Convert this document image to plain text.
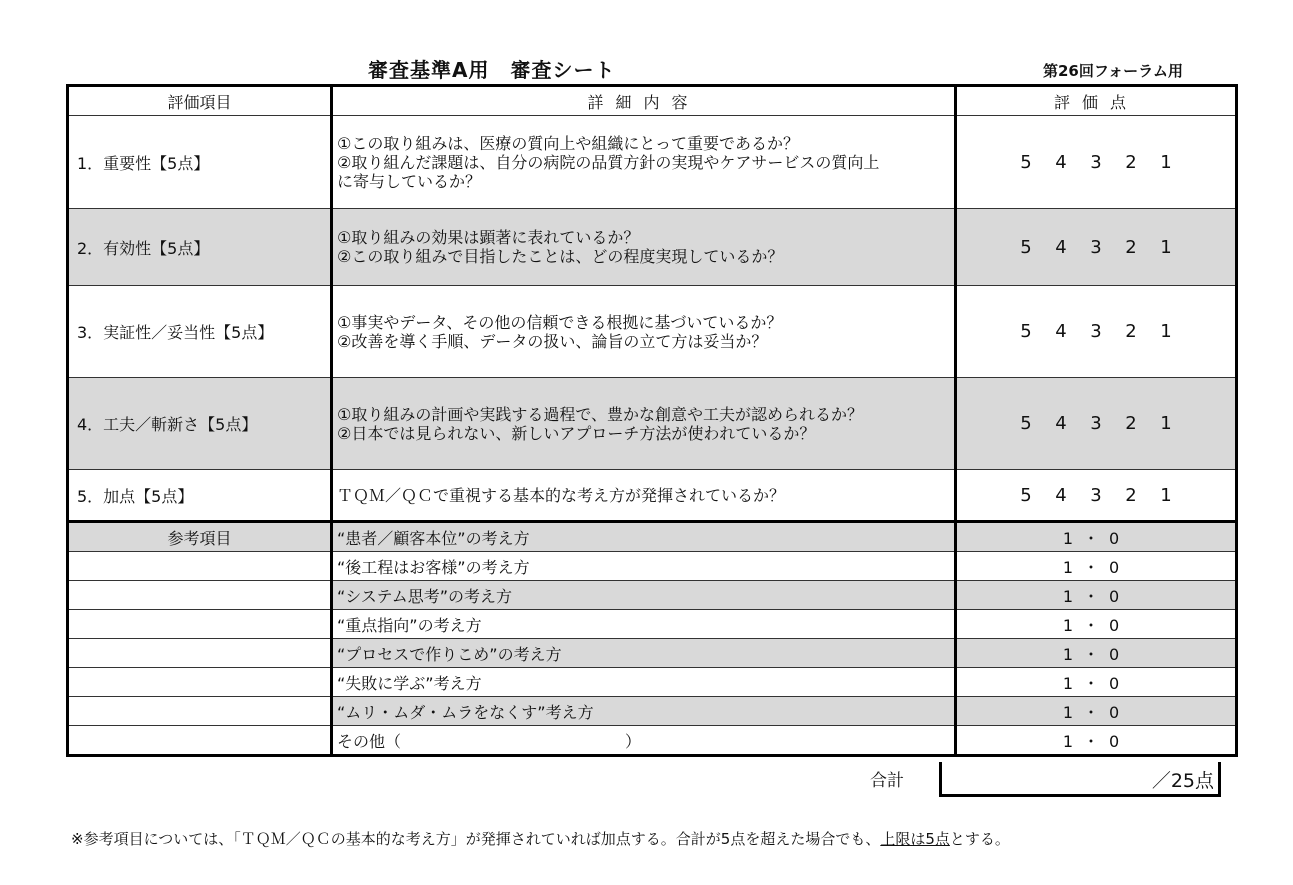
審査基準A用　審査シート	第26回フォーラム用
評価項目	詳細内容	評価点
1．重要性【5点】	①この取り組みは、医療の質向上や組織にとって重要であるか？
②取り組んだ課題は、自分の病院の品質方針の実現やケアサービスの質向上
に寄与しているか？	5 4 3 2 1
2．有効性【5点】	①取り組みの効果は顕著に表れているか？
②この取り組みで目指したことは、どの程度実現しているか？	5 4 3 2 1
3．実証性／妥当性【5点】	①事実やデータ、その他の信頼できる根拠に基づいているか？
②改善を導く手順、データの扱い、論旨の立て方は妥当か？	5 4 3 2 1
4．工夫／斬新さ【5点】	①取り組みの計画や実践する過程で、豊かな創意や工夫が認められるか？
②日本では見られない、新しいアプローチ方法が使われているか？	5 4 3 2 1
5．加点【5点】	ＴＱＭ／ＱＣで重視する基本的な考え方が発揮されているか？	5 4 3 2 1
参考項目	“患者／顧客本位”の考え方	1・0
	“後工程はお客様”の考え方	1・0
	“システム思考”の考え方	1・0
	“重点指向”の考え方	1・0
	“プロセスで作りこめ”の考え方	1・0
	“失敗に学ぶ”考え方	1・0
	“ムリ・ムダ・ムラをなくす”考え方	1・0
	その他（　　　　　　　　　　　　　　）	1・0
合計	／25点
※参考項目については、「ＴＱＭ／ＱＣの基本的な考え方」が発揮されていれば加点する。合計が5点を超えた場合でも、上限は5点とする。
